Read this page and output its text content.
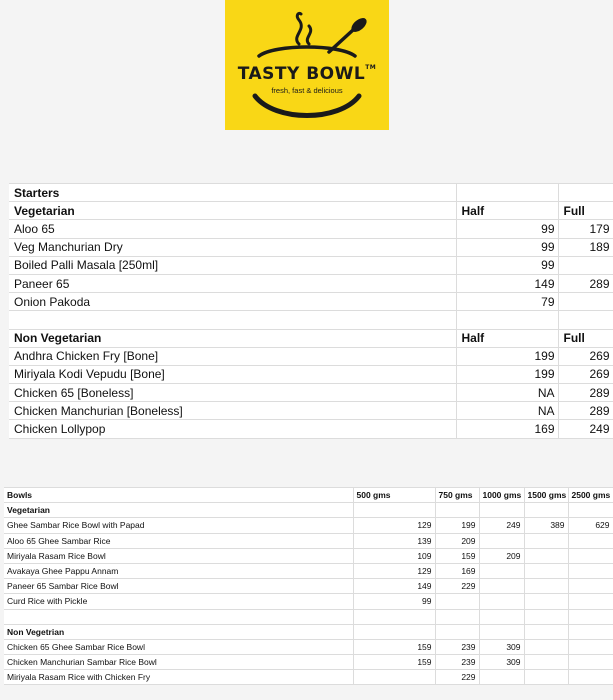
TASTY BOWL™
fresh, fast & delicious
Starters		
Vegetarian	Half	Full
Aloo 65	99	179
Veg Manchurian Dry	99	189
Boiled Palli Masala [250ml]	99	
Paneer 65	149	289
Onion Pakoda	79	

Non Vegetarian	Half	Full
Andhra Chicken Fry [Bone]	199	269
Miriyala Kodi Vepudu [Bone]	199	269
Chicken 65 [Boneless]	NA	289
Chicken Manchurian [Boneless]	NA	289
Chicken Lollypop	169	249
Bowls	500 gms	750 gms	1000 gms	1500 gms	2500 gms
Vegetarian					
Ghee Sambar Rice Bowl with Papad	129	199	249	389	629
Aloo 65 Ghee Sambar Rice	139	209			
Miriyala Rasam Rice Bowl	109	159	209		
Avakaya Ghee Pappu Annam	129	169			
Paneer 65 Sambar Rice Bowl	149	229			
Curd Rice with Pickle	99				

Non Vegetrian					
Chicken 65 Ghee Sambar Rice Bowl	159	239	309		
Chicken Manchurian Sambar Rice Bowl	159	239	309		
Miriyala Rasam Rice with Chicken Fry		229			
